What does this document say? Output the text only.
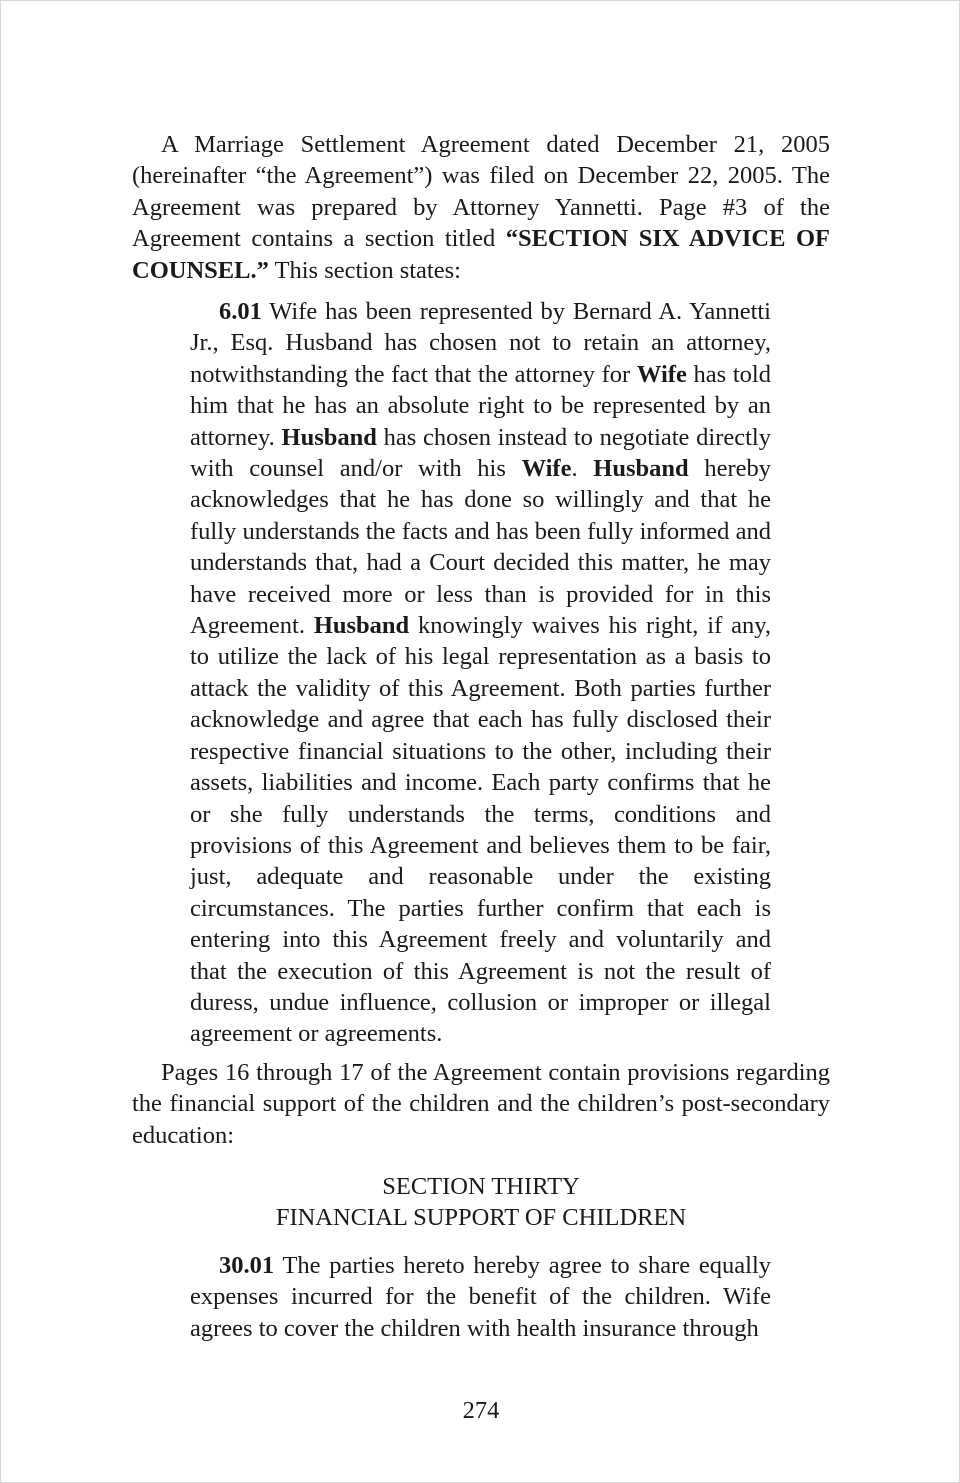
A Marriage Settlement Agreement dated December 21, 2005 (hereinafter “the Agreement”) was filed on December 22, 2005. The Agreement was prepared by Attorney Yannetti. Page #3 of the Agreement contains a section titled “SECTION SIX ADVICE OF COUNSEL.” This section states:

6.01 Wife has been represented by Bernard A. Yannetti Jr., Esq. Husband has chosen not to retain an attorney, notwithstanding the fact that the attorney for Wife has told him that he has an absolute right to be represented by an attorney. Husband has chosen instead to negotiate directly with counsel and/or with his Wife. Husband hereby acknowledges that he has done so willingly and that he fully understands the facts and has been fully informed and understands that, had a Court decided this matter, he may have received more or less than is provided for in this Agreement. Husband knowingly waives his right, if any, to utilize the lack of his legal representation as a basis to attack the validity of this Agreement. Both parties further acknowledge and agree that each has fully disclosed their respective financial situations to the other, including their assets, liabilities and income. Each party confirms that he or she fully understands the terms, conditions and provisions of this Agreement and believes them to be fair, just, adequate and reasonable under the existing circumstances. The parties further confirm that each is entering into this Agreement freely and voluntarily and that the execution of this Agreement is not the result of duress, undue influence, collusion or improper or illegal agreement or agreements.

Pages 16 through 17 of the Agreement contain provisions regarding the financial support of the children and the children’s post-secondary education:

SECTION THIRTY
FINANCIAL SUPPORT OF CHILDREN

30.01 The parties hereto hereby agree to share equally expenses incurred for the benefit of the children. Wife agrees to cover the children with health insurance through

274
